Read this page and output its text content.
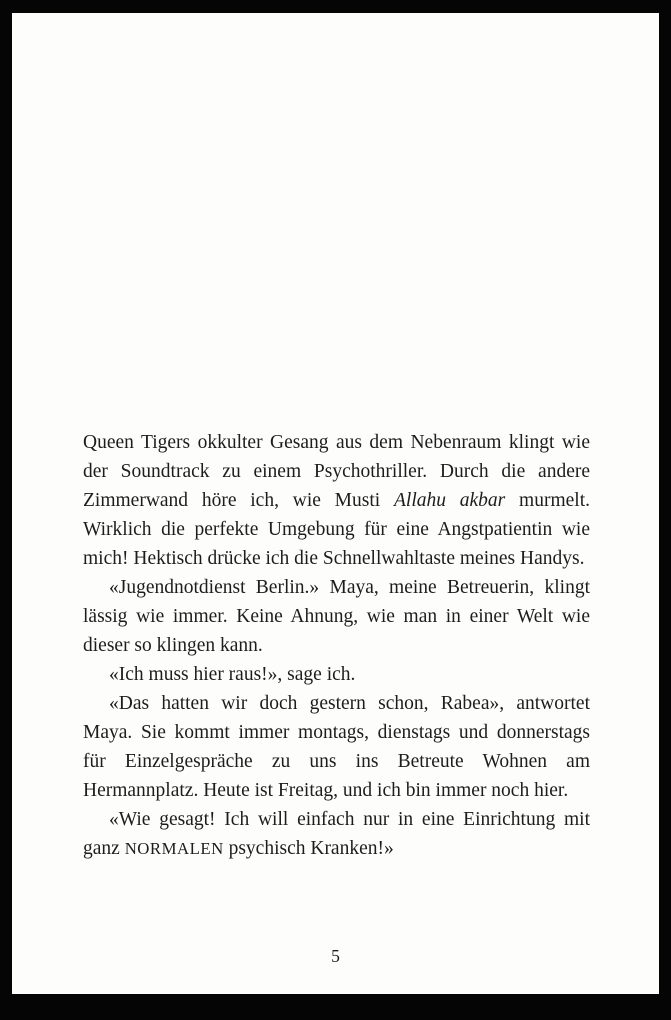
Queen Tigers okkulter Gesang aus dem Nebenraum klingt wie der Soundtrack zu einem Psychothriller. Durch die andere Zimmerwand höre ich, wie Musti Allahu akbar murmelt. Wirklich die perfekte Umgebung für eine Angstpatientin wie mich! Hektisch drücke ich die Schnellwahltaste meines Handys.

«Jugendnotdienst Berlin.» Maya, meine Betreuerin, klingt lässig wie immer. Keine Ahnung, wie man in einer Welt wie dieser so klingen kann.

«Ich muss hier raus!», sage ich.

«Das hatten wir doch gestern schon, Rabea», antwortet Maya. Sie kommt immer montags, dienstags und donnerstags für Einzelgespräche zu uns ins Betreute Wohnen am Hermannplatz. Heute ist Freitag, und ich bin immer noch hier.

«Wie gesagt! Ich will einfach nur in eine Einrichtung mit ganz NORMALEN psychisch Kranken!»

5
